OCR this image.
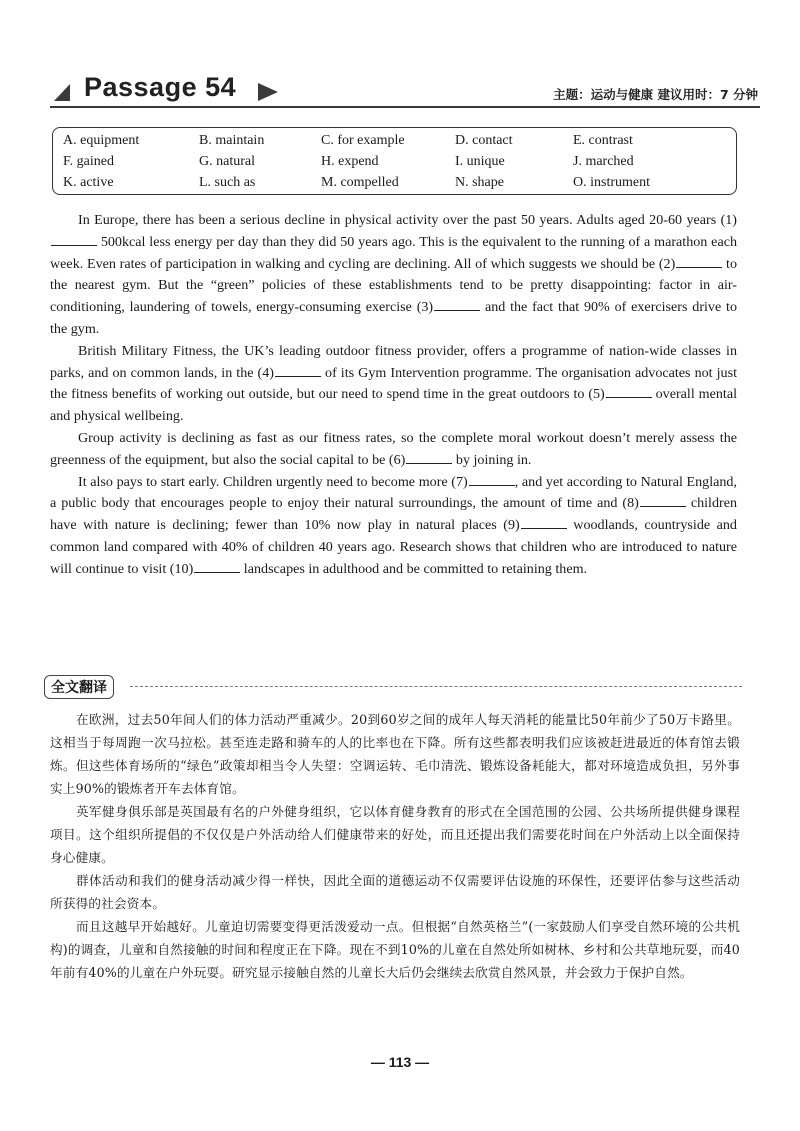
Passage 54	主题：运动与健康 建议用时：7 分钟
A. equipment	B. maintain	C. for example	D. contact	E. contrast
F. gained	G. natural	H. expend	I. unique	J. marched
K. active	L. such as	M. compelled	N. shape	O. instrument

In Europe, there has been a serious decline in physical activity over the past 50 years. Adults aged 20-60 years (1) 500kcal less energy per day than they did 50 years ago. This is the equivalent to the running of a marathon each week. Even rates of participation in walking and cycling are declining. All of which suggests we should be (2)	to the nearest gym. But the “green” policies of these establishments tend to be pretty disappointing: factor in air-conditioning, laundering of towels, energy-consuming exercise (3)	and the fact that 90% of exercisers drive to the gym.

British Military Fitness, the UK’s leading outdoor fitness provider, offers a programme of nation-wide classes in parks, and on common lands, in the (4)	of its Gym Intervention programme. The organisation advocates not just the fitness benefits of working out outside, but our need to spend time in the great outdoors to (5)	overall mental and physical wellbeing.

Group activity is declining as fast as our fitness rates, so the complete moral workout doesn’t merely assess the greenness of the equipment, but also the social capital to be (6)	by joining in.

It also pays to start early. Children urgently need to become more (7)	, and yet according to Natural England, a public body that encourages people to enjoy their natural surroundings, the amount of time and (8)	children have with nature is declining; fewer than 10% now play in natural places (9)	woodlands, countryside and common land compared with 40% of children 40 years ago. Research shows that children who are introduced to nature will continue to visit (10)	landscapes in adulthood and be committed to retaining them.

全文翻译

在欧洲，过去50年间人们的体力活动严重减少。20到60岁之间的成年人每天消耗的能量比50年前少了50万卡路里。这相当于每周跑一次马拉松。甚至连走路和骑车的人的比率也在下降。所有这些都表明我们应该被赶进最近的体育馆去锻炼。但这些体育场所的“绿色”政策却相当令人失望：空调运转、毛巾清洗、锻炼设备耗能大，都对环境造成负担，另外事实上90%的锻炼者开车去体育馆。

英军健身俱乐部是英国最有名的户外健身组织，它以体育健身教育的形式在全国范围的公园、公共场所提供健身课程项目。这个组织所提倡的不仅仅是户外活动给人们健康带来的好处，而且还提出我们需要花时间在户外活动上以全面保持身心健康。

群体活动和我们的健身活动减少得一样快，因此全面的道德运动不仅需要评估设施的环保性，还要评估参与这些活动所获得的社会资本。

而且这越早开始越好。儿童迫切需要变得更活泼爱动一点。但根据“自然英格兰”(一家鼓励人们享受自然环境的公共机构)的调查，儿童和自然接触的时间和程度正在下降。现在不到10%的儿童在自然处所如树林、乡村和公共草地玩耍，而40年前有40%的儿童在户外玩耍。研究显示接触自然的儿童长大后仍会继续去欣赏自然风景，并会致力于保护自然。

— 113 —
